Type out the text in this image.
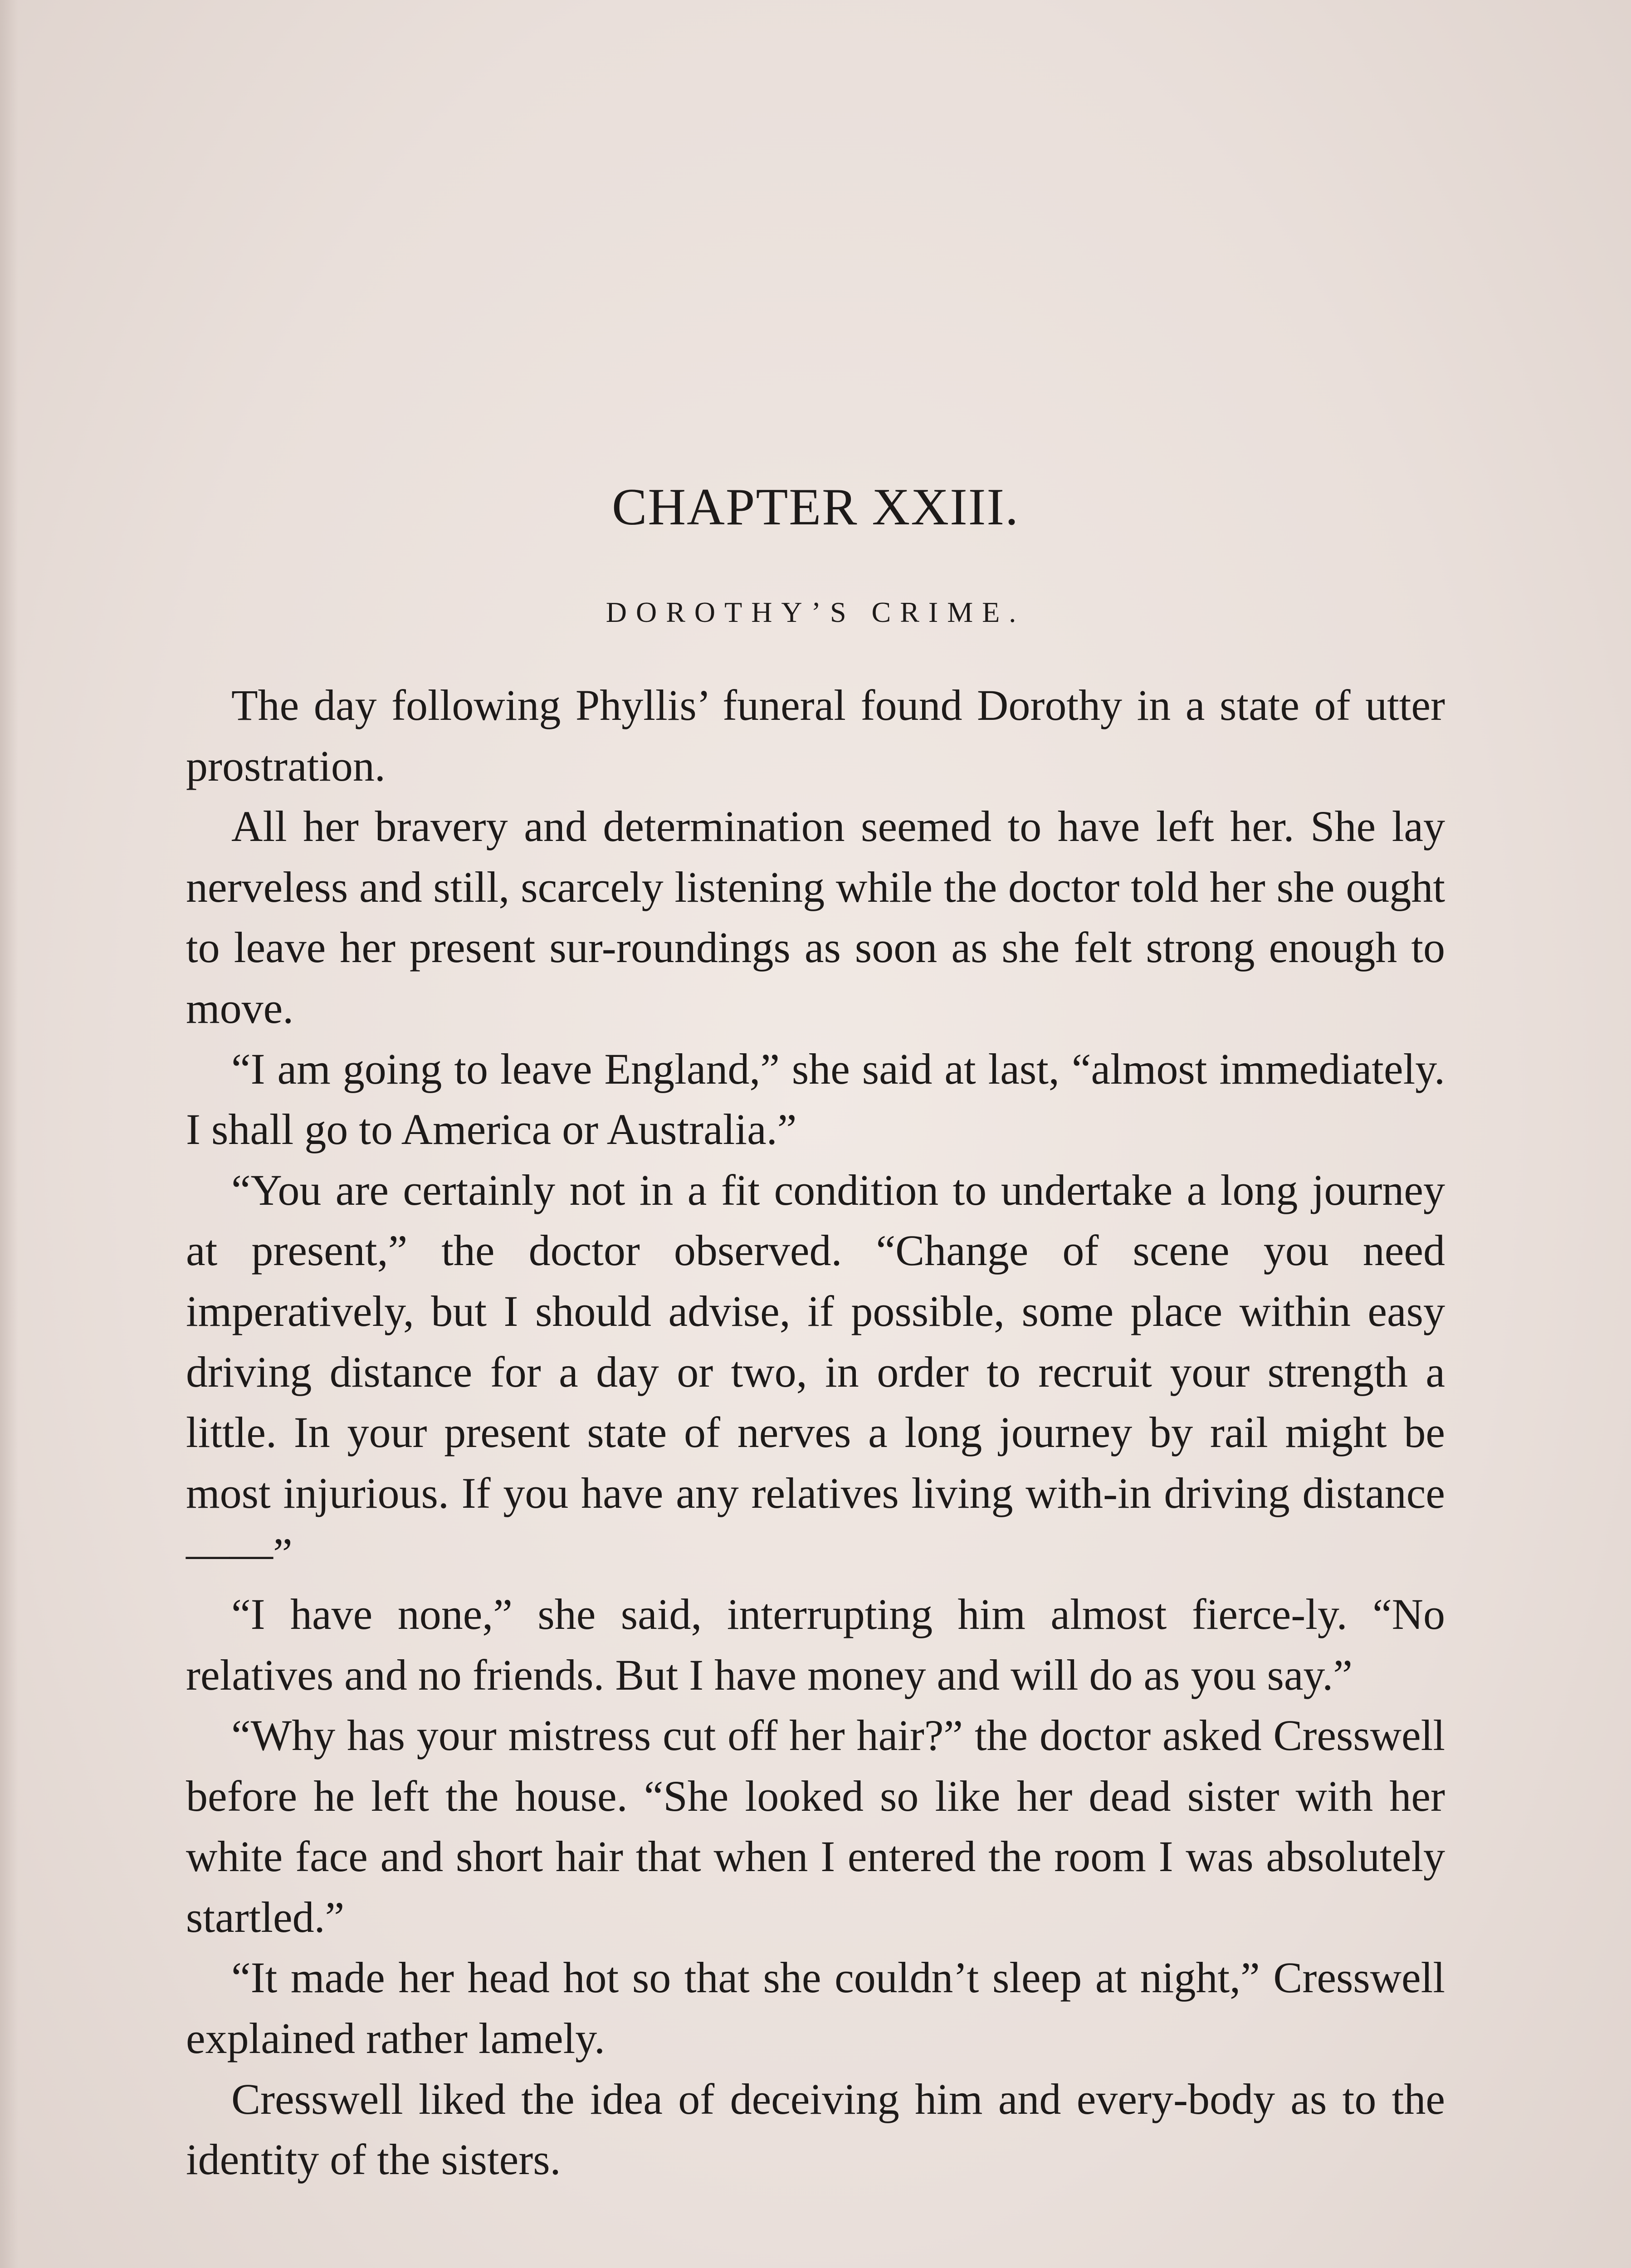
CHAPTER XXIII.
DOROTHY’S CRIME.

The day following Phyllis’ funeral found Dorothy in a state of utter prostration.

All her bravery and determination seemed to have left her. She lay nerveless and still, scarcely listening while the doctor told her she ought to leave her present sur-roundings as soon as she felt strong enough to move.

“I am going to leave England,” she said at last, “almost immediately. I shall go to America or Australia.”

“You are certainly not in a fit condition to undertake a long journey at present,” the doctor observed. “Change of scene you need imperatively, but I should advise, if possible, some place within easy driving distance for a day or two, in order to recruit your strength a little. In your present state of nerves a long journey by rail might be most injurious. If you have any relatives living with-in driving distance——”

“I have none,” she said, interrupting him almost fierce-ly. “No relatives and no friends. But I have money and will do as you say.”

“Why has your mistress cut off her hair?” the doctor asked Cresswell before he left the house. “She looked so like her dead sister with her white face and short hair that when I entered the room I was absolutely startled.”

“It made her head hot so that she couldn’t sleep at night,” Cresswell explained rather lamely.

Cresswell liked the idea of deceiving him and every-body as to the identity of the sisters.
